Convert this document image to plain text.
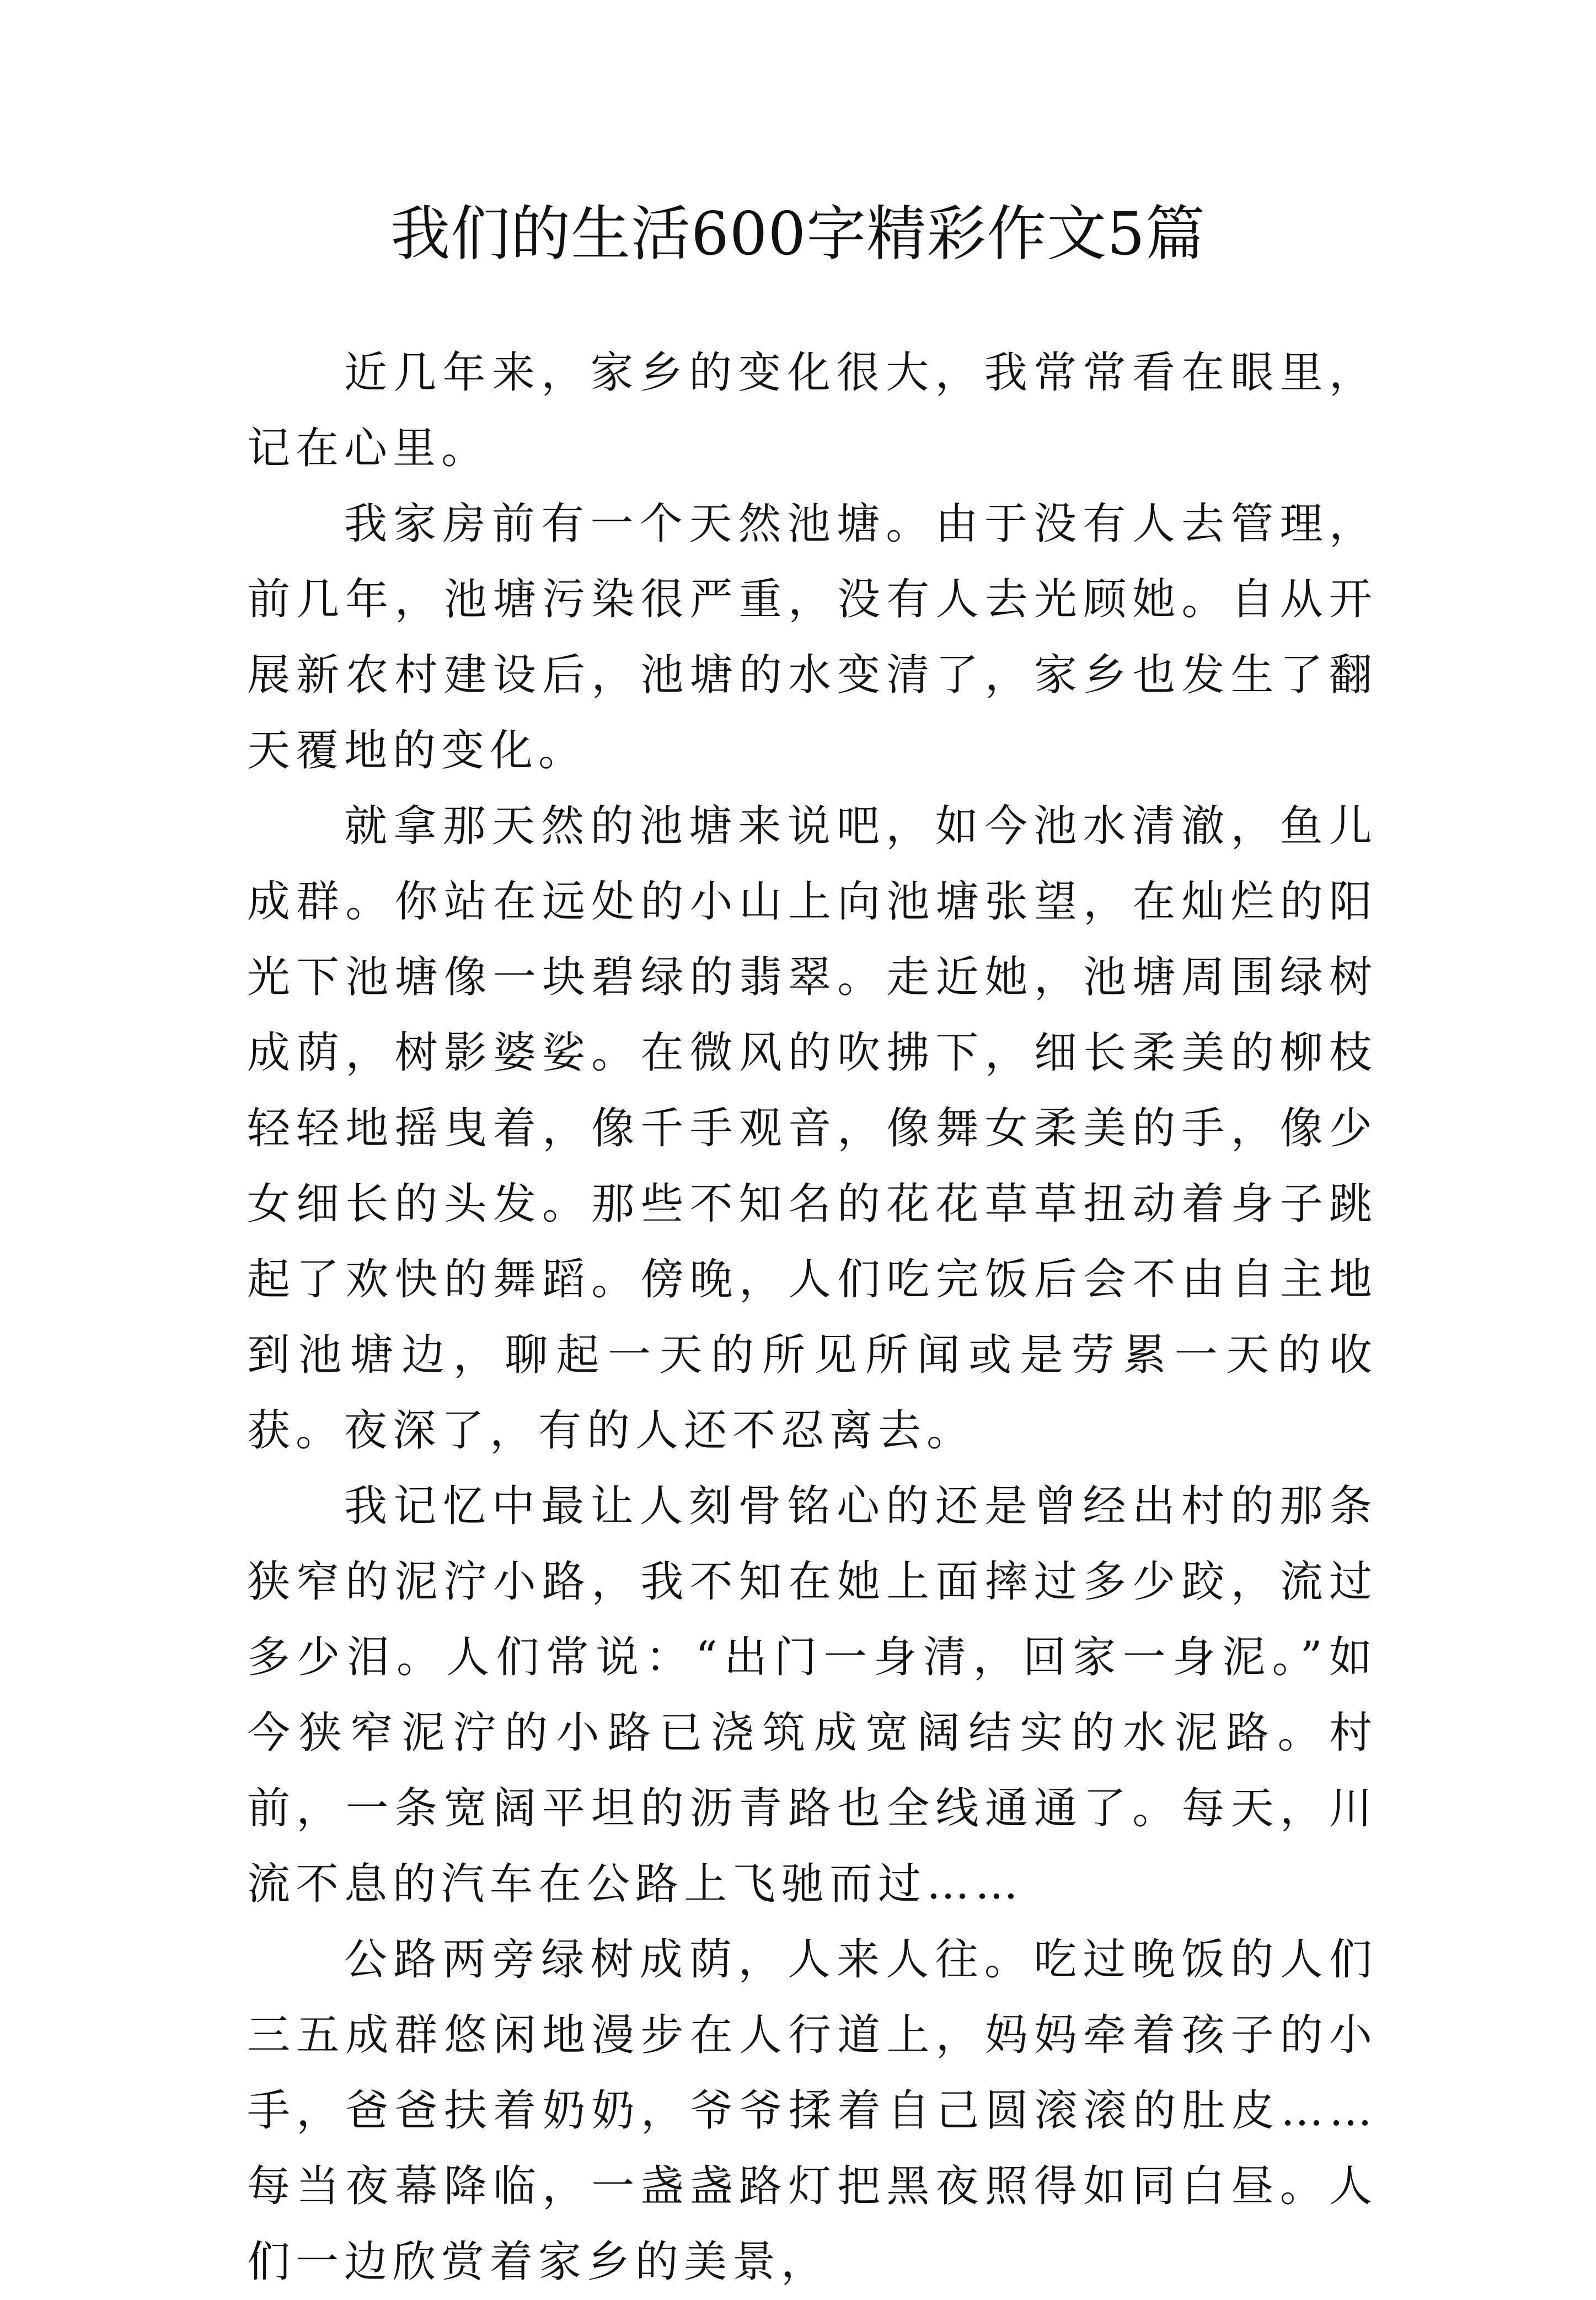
我们的生活600字精彩作文5篇

近几年来，家乡的变化很大，我常常看在眼里，记在心里。

我家房前有一个天然池塘。由于没有人去管理，前几年，池塘污染很严重，没有人去光顾她。自从开展新农村建设后，池塘的水变清了，家乡也发生了翻天覆地的变化。

就拿那天然的池塘来说吧，如今池水清澈，鱼儿成群。你站在远处的小山上向池塘张望，在灿烂的阳光下池塘像一块碧绿的翡翠。走近她，池塘周围绿树成荫，树影婆娑。在微风的吹拂下，细长柔美的柳枝轻轻地摇曳着，像千手观音，像舞女柔美的手，像少女细长的头发。那些不知名的花花草草扭动着身子跳起了欢快的舞蹈。傍晚，人们吃完饭后会不由自主地到池塘边，聊起一天的所见所闻或是劳累一天的收获。夜深了，有的人还不忍离去。

我记忆中最让人刻骨铭心的还是曾经出村的那条狭窄的泥泞小路，我不知在她上面摔过多少跤，流过多少泪。人们常说：“出门一身清，回家一身泥。”如今狭窄泥泞的小路已浇筑成宽阔结实的水泥路。村前，一条宽阔平坦的沥青路也全线通通了。每天，川流不息的汽车在公路上飞驰而过……

公路两旁绿树成荫，人来人往。吃过晚饭的人们三五成群悠闲地漫步在人行道上，妈妈牵着孩子的小手，爸爸扶着奶奶，爷爷揉着自己圆滚滚的肚皮……每当夜幕降临，一盏盏路灯把黑夜照得如同白昼。人们一边欣赏着家乡的美景，
